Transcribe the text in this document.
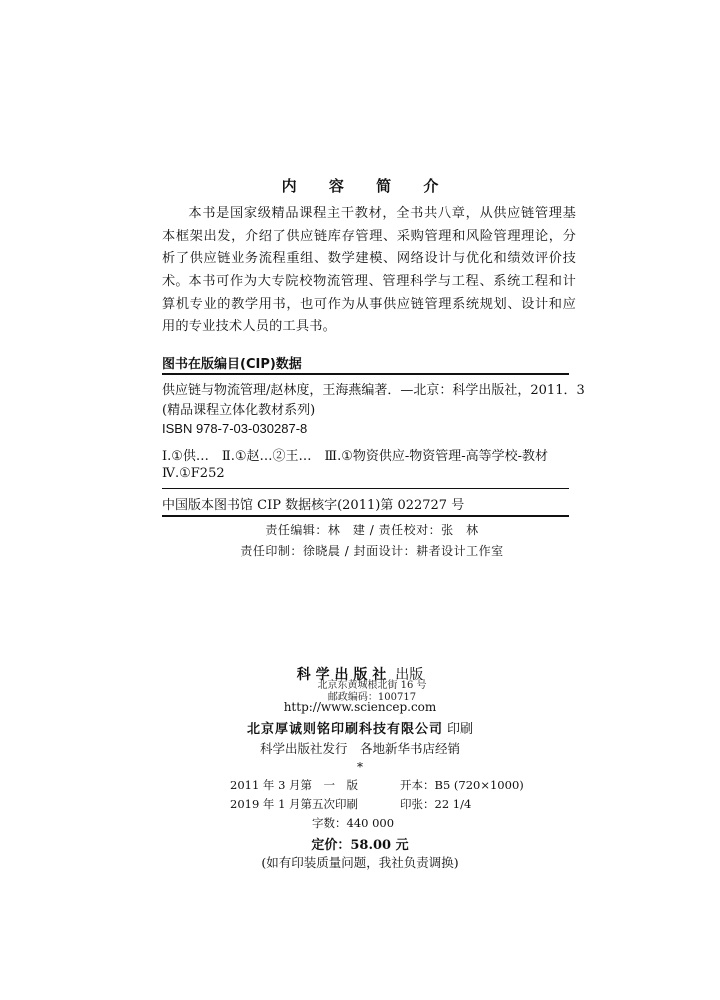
内 容 简 介
本书是国家级精品课程主干教材，全书共八章，从供应链管理基本框架出发，介绍了供应链库存管理、采购管理和风险管理理论，分析了供应链业务流程重组、数学建模、网络设计与优化和绩效评价技术。 本书可作为大专院校物流管理、管理科学与工程、系统工程和计算机专业的教学用书，也可作为从事供应链管理系统规划、设计和应用的专业技术人员的工具书。
图书在版编目(CIP)数据
供应链与物流管理/赵林度，王海燕编著．—北京：科学出版社，2011．3
(精品课程立体化教材系列)
ISBN 978-7-03-030287-8
Ⅰ.①供…　Ⅱ.①赵…②王…　Ⅲ.①物资供应-物资管理-高等学校-教材
Ⅳ.①F252
中国版本图书馆 CIP 数据核字(2011)第 022727 号
责任编辑：林　建 / 责任校对：张　林
责任印制：徐晓晨 / 封面设计：耕者设计工作室
科学出版社 出版
北京东黄城根北街 16 号
邮政编码：100717
http://www.sciencep.com
北京厚诚则铭印刷科技有限公司 印刷
科学出版社发行　各地新华书店经销
*
2011 年 3 月第　一　版	开本：B5 (720×1000)
2019 年 1 月第五次印刷	印张：22 1/4
字数：440 000
定价：58.00 元
(如有印装质量问题，我社负责调换)
